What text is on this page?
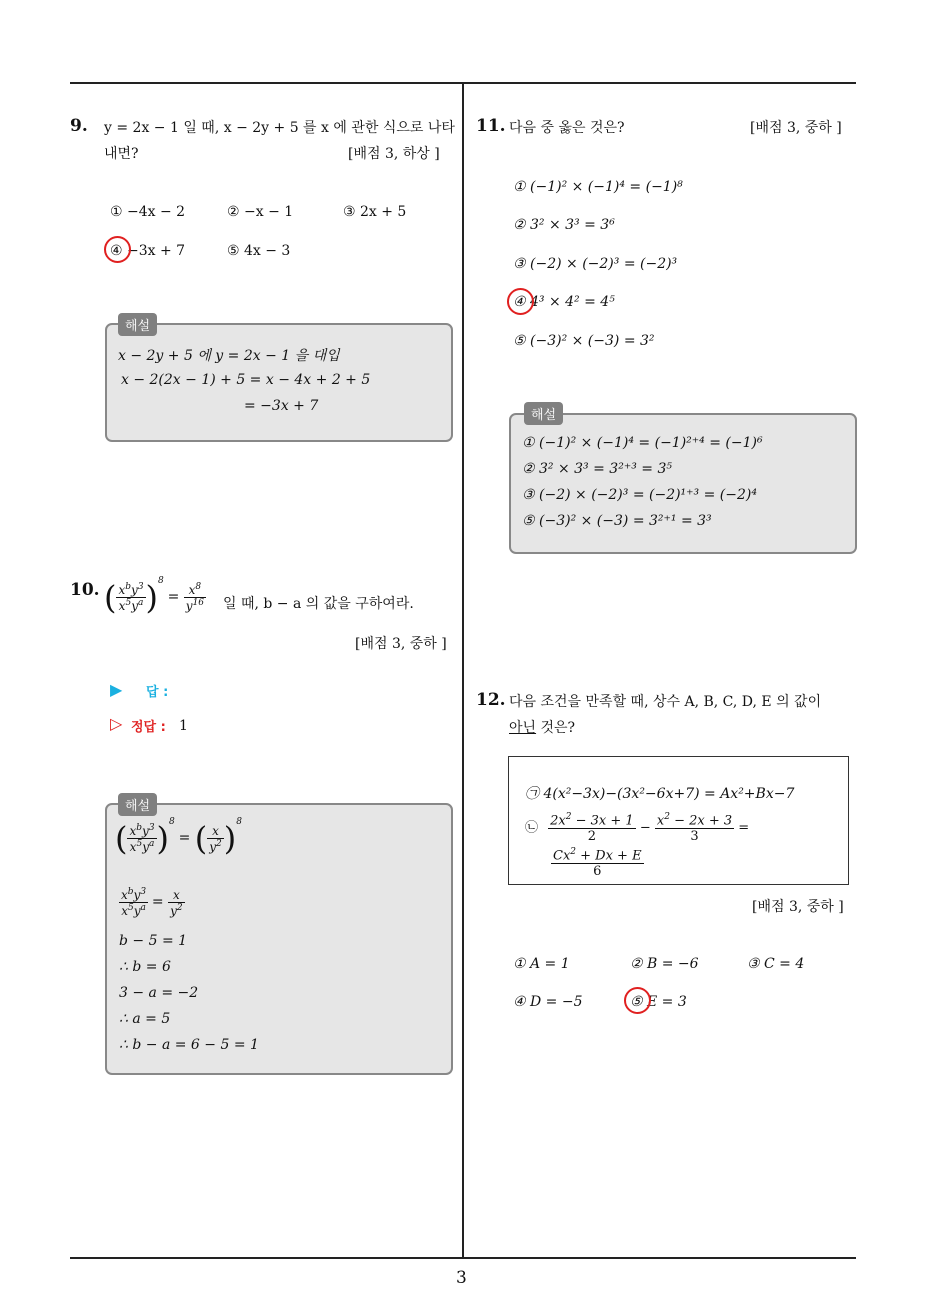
3
9. y = 2x − 1 일 때, x − 2y + 5 를 x 에 관한 식으로 나타
내면?	[배점 3, 하상 ]
① −4x − 2	② −x − 1	③ 2x + 5
④ −3x + 7	⑤ 4x − 3
x − 2y + 5 에 y = 2x − 1 을 대입
x − 2(2x − 1) + 5 = x − 4x + 2 + 5
= −3x + 7
해설
10. ( $\frac{x^by^3}{x^5y^a} )^8 = \frac{x^8}{y^{16}}$ 일 때, b − a 의 값을 구하여라.
[배점 3, 중하 ]
▶ 답 :
▷ 정답 : 1
( $\frac{x^by^3}{x^5y^a} )^8$ = ( $\frac{x}{y^2} )^8$
$\frac{x^by^3}{x^5y^a} = \frac{x}{y^2}$
b − 5 = 1
∴ b = 6
3 − a = −2
∴ a = 5
∴ b − a = 6 − 5 = 1
해설
11. 다음 중 옳은 것은?	[배점 3, 중하 ]
① (−1)² × (−1)⁴ = (−1)⁸
② 3² × 3³ = 3⁶
③ (−2) × (−2)³ = (−2)³
④ 4³ × 4² = 4⁵
⑤ (−3)² × (−3) = 3²
① (−1)² × (−1)⁴ = (−1)²⁺⁴ = (−1)⁶
② 3² × 3³ = 3²⁺³ = 3⁵
③ (−2) × (−2)³ = (−2)¹⁺³ = (−2)⁴
⑤ (−3)² × (−3) = 3²⁺¹ = 3³
해설
12. 다음 조건을 만족할 때, 상수 A, B, C, D, E 의 값이
아닌 것은?
㉠ 4(x²−3x)−(3x²−6x+7) = Ax²+Bx−7
㉡ $\frac{2x^2 - 3x + 1}{2} - \frac{x^2 - 2x + 3}{3}$ =
$\frac{Cx^2 + Dx + E}{6}$
[배점 3, 중하 ]
① A = 1	② B = −6	③ C = 4
④ D = −5	⑤ E = 3
